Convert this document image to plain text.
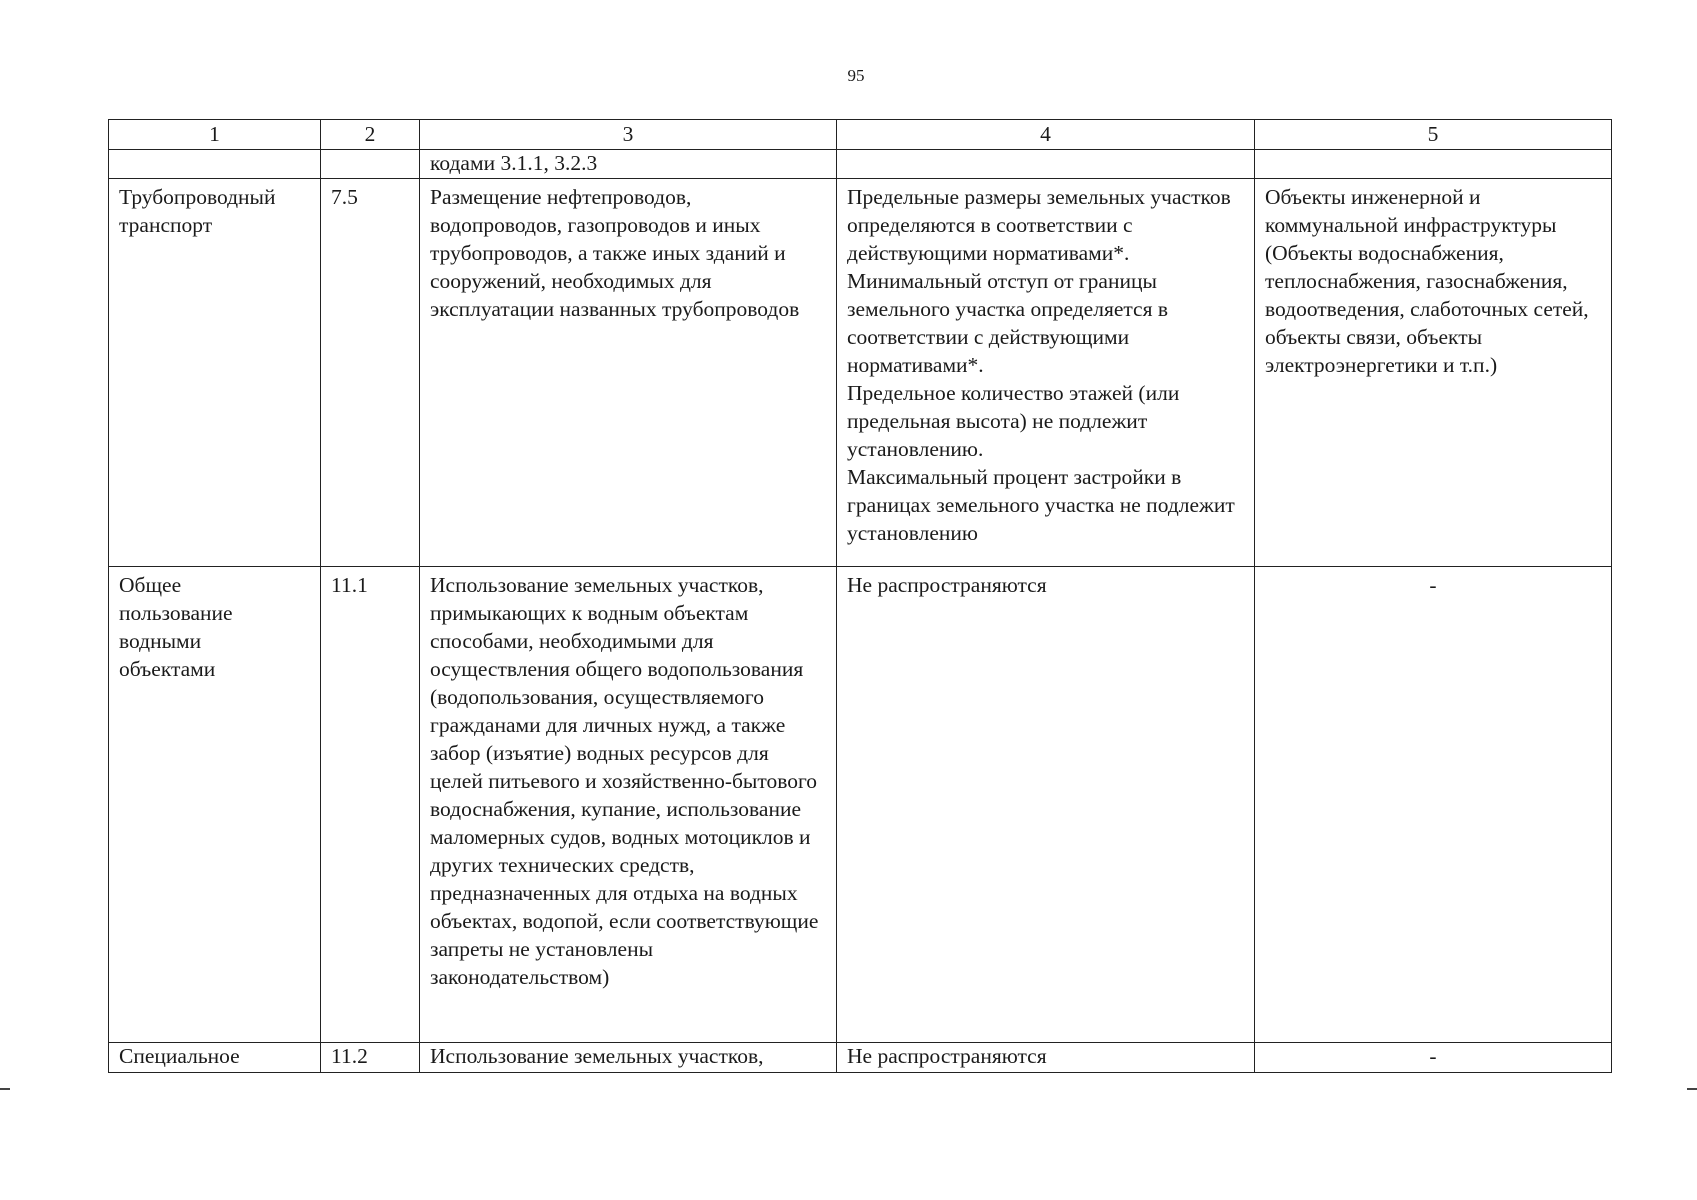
95
1	2	3	4	5
		кодами 3.1.1, 3.2.3		
Трубопроводный транспорт	7.5	Размещение нефтепроводов, водопроводов, газопроводов и иных трубопроводов, а также иных зданий и сооружений, необходимых для эксплуатации названных трубопроводов	Предельные размеры земельных участков определяются в соответствии с действующими нормативами*.
Минимальный отступ от границы земельного участка определяется в соответствии с действующими нормативами*.
Предельное количество этажей (или предельная высота) не подлежит установлению.
Максимальный процент застройки в границах земельного участка не подлежит установлению	Объекты инженерной и коммунальной инфраструктуры (Объекты водоснабжения, теплоснабжения, газоснабжения, водоотведения, слаботочных сетей, объекты связи, объекты электроэнергетики и т.п.)
Общее пользование водными объектами	11.1	Использование земельных участков, примыкающих к водным объектам способами, необходимыми для осуществления общего водопользования (водопользования, осуществляемого гражданами для личных нужд, а также забор (изъятие) водных ресурсов для целей питьевого и хозяйственно-бытового водоснабжения, купание, использование маломерных судов, водных мотоциклов и других технических средств, предназначенных для отдыха на водных объектах, водопой, если соответствующие запреты не установлены законодательством)	Не распространяются	-
Специальное	11.2	Использование земельных участков,	Не распространяются	-
